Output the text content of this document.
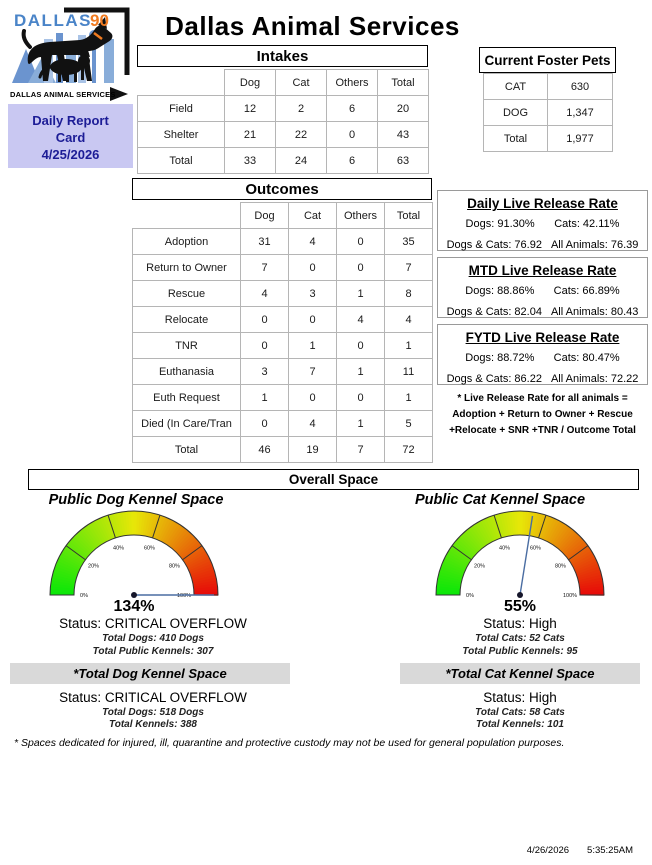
DALLAS
90
DALLAS ANIMAL SERVICES
Dallas Animal Services
Intakes
	Dog	Cat	Others	Total
Field	12	2	6	20
Shelter	21	22	0	43
Total	33	24	6	63
Current Foster Pets
CAT	630
DOG	1,347
Total	1,977
Daily Report
Card
4/25/2026
Outcomes
	Dog	Cat	Others	Total
Adoption	31	4	0	35
Return to Owner	7	0	0	7
Rescue	4	3	1	8
Relocate	0	0	4	4
TNR	0	1	0	1
Euthanasia	3	7	1	11
Euth Request	1	0	0	1
Died (In Care/Tran	0	4	1	5
Total	46	19	7	72
Daily Live Release Rate
Dogs: 91.30% Cats: 42.11%
Dogs & Cats: 76.92 All Animals: 76.39
MTD Live Release Rate
Dogs: 88.86% Cats: 66.89%
Dogs & Cats: 82.04 All Animals: 80.43
FYTD Live Release Rate
Dogs: 88.72% Cats: 80.47%
Dogs & Cats: 86.22 All Animals: 72.22
* Live Release Rate for all animals =
Adoption + Return to Owner + Rescue
+Relocate + SNR +TNR / Outcome Total
Overall Space
Public Dog Kennel Space
0%
20%
40%	60%
80%
100%
134%
Status: CRITICAL OVERFLOW
Total Dogs: 410 Dogs
Total Public Kennels: 307
Public Cat Kennel Space
0%
20%
40%	60%
80%
100%
55%
Status: High
Total Cats: 52 Cats
Total Public Kennels: 95
*Total Dog Kennel Space
Status: CRITICAL OVERFLOW
Total Dogs: 518 Dogs
Total Kennels: 388
*Total Cat Kennel Space
Status: High
Total Cats: 58 Cats
Total Kennels: 101
* Spaces dedicated for injured, ill, quarantine and protective custody may not be used for general population purposes.
4/26/2026 5:35:25AM
